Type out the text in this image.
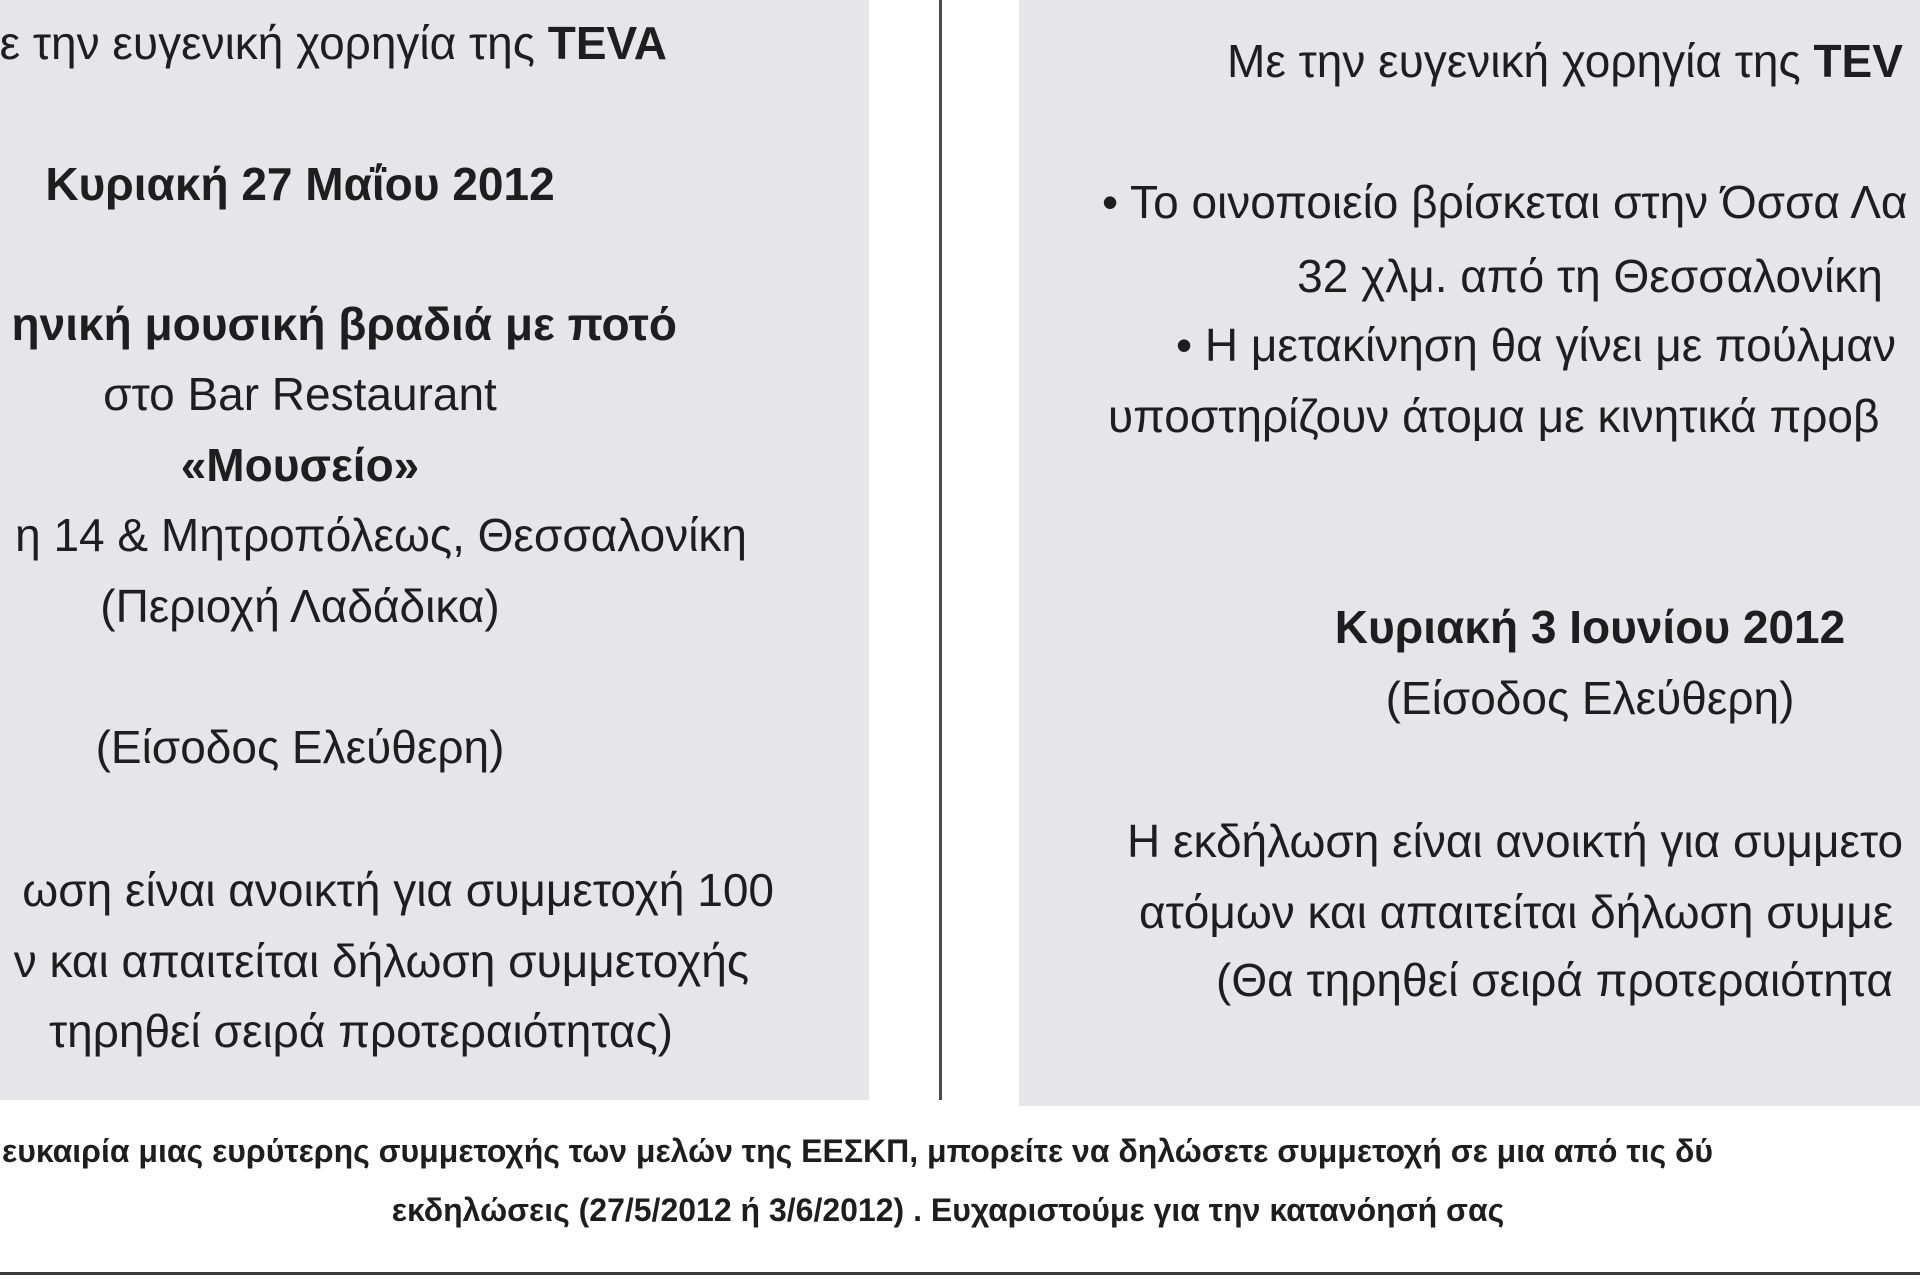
ε την ευγενική χορηγία της TEVA
Κυριακή 27 Μαΐου 2012
ηνική μουσική βραδιά με ποτό
στο Bar Restaurant
«Μουσείο»
η 14 & Μητροπόλεως, Θεσσαλονίκη
(Περιοχή Λαδάδικα)
(Είσοδος Ελεύθερη)
ωση είναι ανοικτή για συμμετοχή 100
ν και απαιτείται δήλωση συμμετοχής
τηρηθεί σειρά προτεραιότητας)
Με την ευγενική χορηγία της TEV
• Το οινοποιείο βρίσκεται στην Όσσα Λα
32 χλμ. από τη Θεσσαλονίκη
• Η μετακίνηση θα γίνει με πούλμαν
υποστηρίζουν άτομα με κινητικά προβ
Κυριακή 3 Ιουνίου 2012
(Είσοδος Ελεύθερη)
Η εκδήλωση είναι ανοικτή για συμμετο
ατόμων και απαιτείται δήλωση συμμε
(Θα τηρηθεί σειρά προτεραιότητα
ευκαιρία μιας ευρύτερης συμμετοχής των μελών της ΕΕΣΚΠ, μπορείτε να δηλώσετε συμμετοχή σε μια από τις δύ
εκδηλώσεις (27/5/2012 ή 3/6/2012) . Ευχαριστούμε για την κατανόησή σας
